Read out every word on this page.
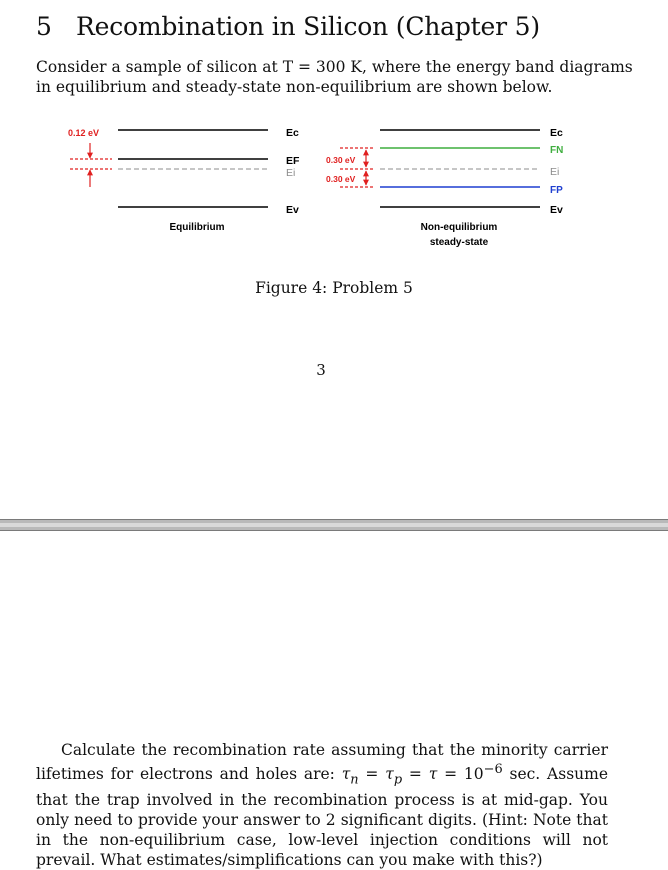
5 Recombination in Silicon (Chapter 5)

Consider a sample of silicon at T = 300 K, where the energy band diagrams in equilibrium and steady-state non-equilibrium are shown below.

0.12 eV	Ec
EF
Ei
Ev
Equilibrium
0.30 eV
0.30 eV
Ec
FN
Ei
FP
Ev
Non-equilibrium
steady-state
Figure 4: Problem 5
3

Calculate the recombination rate assuming that the minority carrier lifetimes for electrons and holes are: $\tau_n = \tau_p = \tau = 10^{-6}$ sec. Assume that the trap involved in the recombination process is at mid-gap. You only need to provide your answer to 2 significant digits. (Hint: Note that in the non-equilibrium case, low-level injection conditions will not prevail. What estimates/simplifications can you make with this?)
